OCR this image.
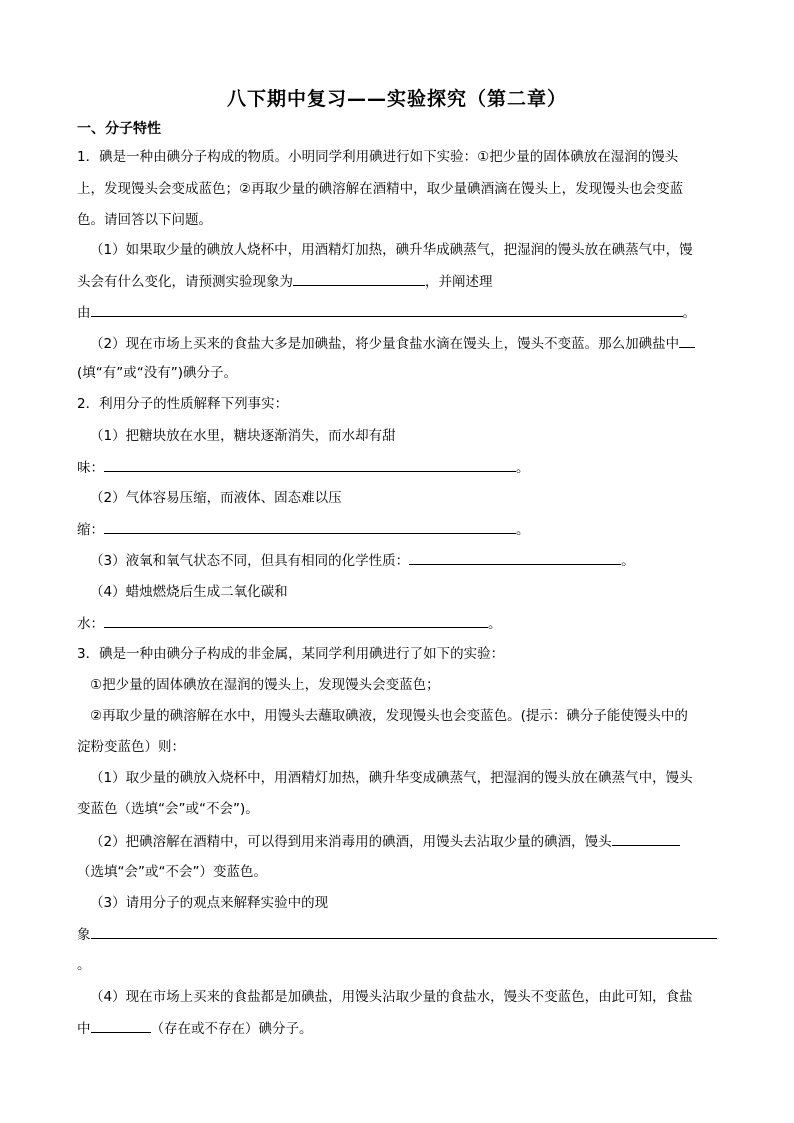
八下期中复习——实验探究（第二章）
一、分子特性
1．碘是一种由碘分子构成的物质。小明同学利用碘进行如下实验：①把少量的固体碘放在湿润的馒头
上，发现馒头会变成蓝色；②再取少量的碘溶解在酒精中，取少量碘酒滴在馒头上，发现馒头也会变蓝
色。请回答以下问题。
（1）如果取少量的碘放人烧杯中，用酒精灯加热，碘升华成碘蒸气，把湿润的馒头放在碘蒸气中，馒
头会有什么变化，请预测实验现象为	，并阐述理
由	。
（2）现在市场上买来的食盐大多是加碘盐，将少量食盐水滴在馒头上，馒头不变蓝。那么加碘盐中
(填“有”或“没有”)碘分子。
2．利用分子的性质解释下列事实：
（1）把糖块放在水里，糖块逐渐消失，而水却有甜
味：	。
（2）气体容易压缩，而液体、固态难以压
缩：	。
（3）液氧和氧气状态不同，但具有相同的化学性质：	。
（4）蜡烛燃烧后生成二氧化碳和
水：	。
3．碘是一种由碘分子构成的非金属，某同学利用碘进行了如下的实验：
①把少量的固体碘放在湿润的馒头上，发现馒头会变蓝色；
②再取少量的碘溶解在水中，用馒头去蘸取碘液，发现馒头也会变蓝色。(提示：碘分子能使馒头中的
淀粉变蓝色）则：
（1）取少量的碘放入烧杯中，用酒精灯加热，碘升华变成碘蒸气，把湿润的馒头放在碘蒸气中，馒头
变蓝色（选填“会”或“不会”)。
（2）把碘溶解在酒精中，可以得到用来消毒用的碘酒，用馒头去沾取少量的碘酒，馒头
（选填“会”或“不会”）变蓝色。
（3）请用分子的观点来解释实验中的现
象
。
（4）现在市场上买来的食盐都是加碘盐，用馒头沾取少量的食盐水，馒头不变蓝色，由此可知，食盐
中	（存在或不存在）碘分子。
